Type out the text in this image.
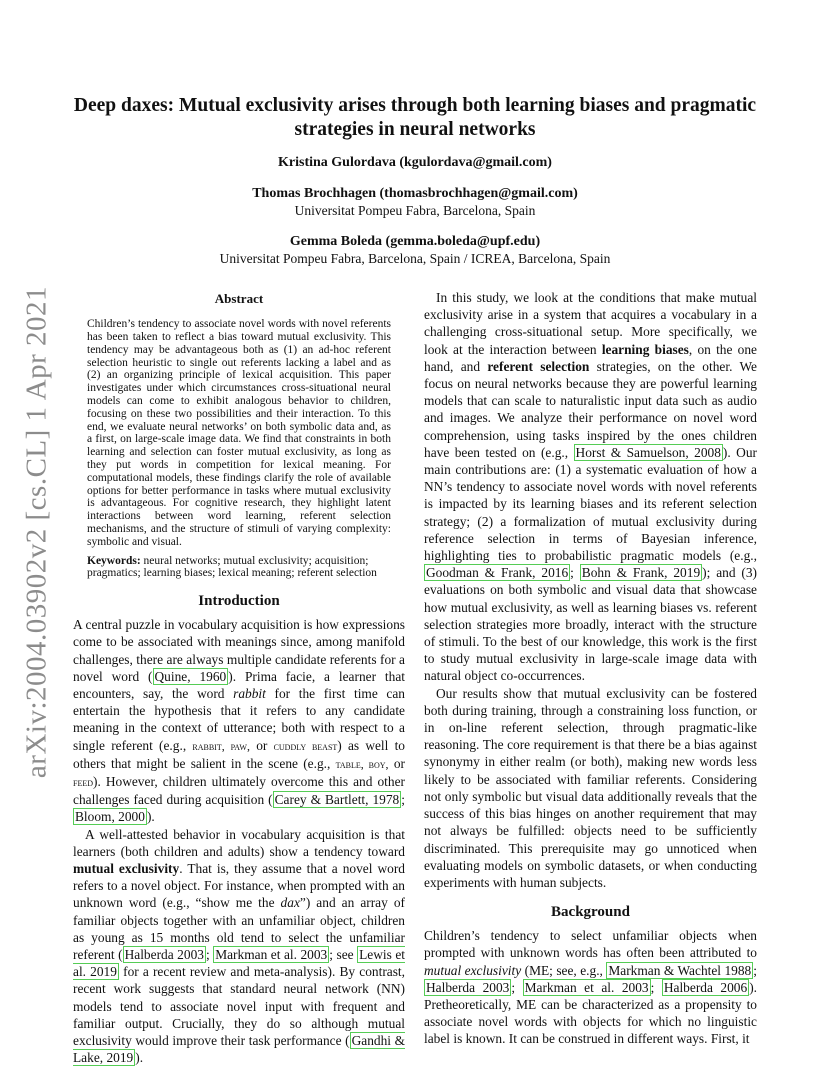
arXiv:2004.03902v2 [cs.CL] 1 Apr 2021
Deep daxes: Mutual exclusivity arises through both learning biases and pragmatic strategies in neural networks
Kristina Gulordava (kgulordava@gmail.com)
Thomas Brochhagen (thomasbrochhagen@gmail.com)
Universitat Pompeu Fabra, Barcelona, Spain
Gemma Boleda (gemma.boleda@upf.edu)
Universitat Pompeu Fabra, Barcelona, Spain / ICREA, Barcelona, Spain
Abstract

Children’s tendency to associate novel words with novel referents has been taken to reflect a bias toward mutual exclusivity. This tendency may be advantageous both as (1) an ad-hoc referent selection heuristic to single out referents lacking a label and as (2) an organizing principle of lexical acquisition. This paper investigates under which circumstances cross-situational neural models can come to exhibit analogous behavior to children, focusing on these two possibilities and their interaction. To this end, we evaluate neural networks’ on both symbolic data and, as a first, on large-scale image data. We find that constraints in both learning and selection can foster mutual exclusivity, as long as they put words in competition for lexical meaning. For computational models, these findings clarify the role of available options for better performance in tasks where mutual exclusivity is advantageous. For cognitive research, they highlight latent interactions between word learning, referent selection mechanisms, and the structure of stimuli of varying complexity: symbolic and visual.

Keywords: neural networks; mutual exclusivity; acquisition; pragmatics; learning biases; lexical meaning; referent selection

Introduction

A central puzzle in vocabulary acquisition is how expressions come to be associated with meanings since, among manifold challenges, there are always multiple candidate referents for a novel word ( Quine, 1960 ). Prima facie, a learner that encounters, say, the word rabbit for the first time can entertain the hypothesis that it refers to any candidate meaning in the context of utterance; both with respect to a single referent (e.g., rabbit, paw, or cuddly beast) as well to others that might be salient in the scene (e.g., table, boy, or feed). However, children ultimately overcome this and other challenges faced during acquisition ( Carey & Bartlett, 1978 ; Bloom, 2000 ).

A well-attested behavior in vocabulary acquisition is that learners (both children and adults) show a tendency toward mutual exclusivity. That is, they assume that a novel word refers to a novel object. For instance, when prompted with an unknown word (e.g., “show me the dax”) and an array of familiar objects together with an unfamiliar object, children as young as 15 months old tend to select the unfamiliar referent ( Halberda 2003 ; Markman et al. 2003 ; see Lewis et al. 2019 for a recent review and meta-analysis). By contrast, recent work suggests that standard neural network (NN) models tend to associate novel input with frequent and familiar output. Crucially, they do so although mutual exclusivity would improve their task performance ( Gandhi & Lake, 2019 ).

In this study, we look at the conditions that make mutual exclusivity arise in a system that acquires a vocabulary in a challenging cross-situational setup. More specifically, we look at the interaction between learning biases, on the one hand, and referent selection strategies, on the other. We focus on neural networks because they are powerful learning models that can scale to naturalistic input data such as audio and images. We analyze their performance on novel word comprehension, using tasks inspired by the ones children have been tested on (e.g., Horst & Samuelson, 2008 ). Our main contributions are: (1) a systematic evaluation of how a NN’s tendency to associate novel words with novel referents is impacted by its learning biases and its referent selection strategy; (2) a formalization of mutual exclusivity during reference selection in terms of Bayesian inference, highlighting ties to probabilistic pragmatic models (e.g., Goodman & Frank, 2016 ; Bohn & Frank, 2019 ); and (3) evaluations on both symbolic and visual data that showcase how mutual exclusivity, as well as learning biases vs. referent selection strategies more broadly, interact with the structure of stimuli. To the best of our knowledge, this work is the first to study mutual exclusivity in large-scale image data with natural object co-occurrences.

Our results show that mutual exclusivity can be fostered both during training, through a constraining loss function, or in on-line referent selection, through pragmatic-like reasoning. The core requirement is that there be a bias against synonymy in either realm (or both), making new words less likely to be associated with familiar referents. Considering not only symbolic but visual data additionally reveals that the success of this bias hinges on another requirement that may not always be fulfilled: objects need to be sufficiently discriminated. This prerequisite may go unnoticed when evaluating models on symbolic datasets, or when conducting experiments with human subjects.

Background

Children’s tendency to select unfamiliar objects when prompted with unknown words has often been attributed to mutual exclusivity (ME; see, e.g., Markman & Wachtel 1988 ; Halberda 2003 ; Markman et al. 2003 ; Halberda 2006 ). Pretheoretically, ME can be characterized as a propensity to associate novel words with objects for which no linguistic label is known. It can be construed in different ways. First, it
